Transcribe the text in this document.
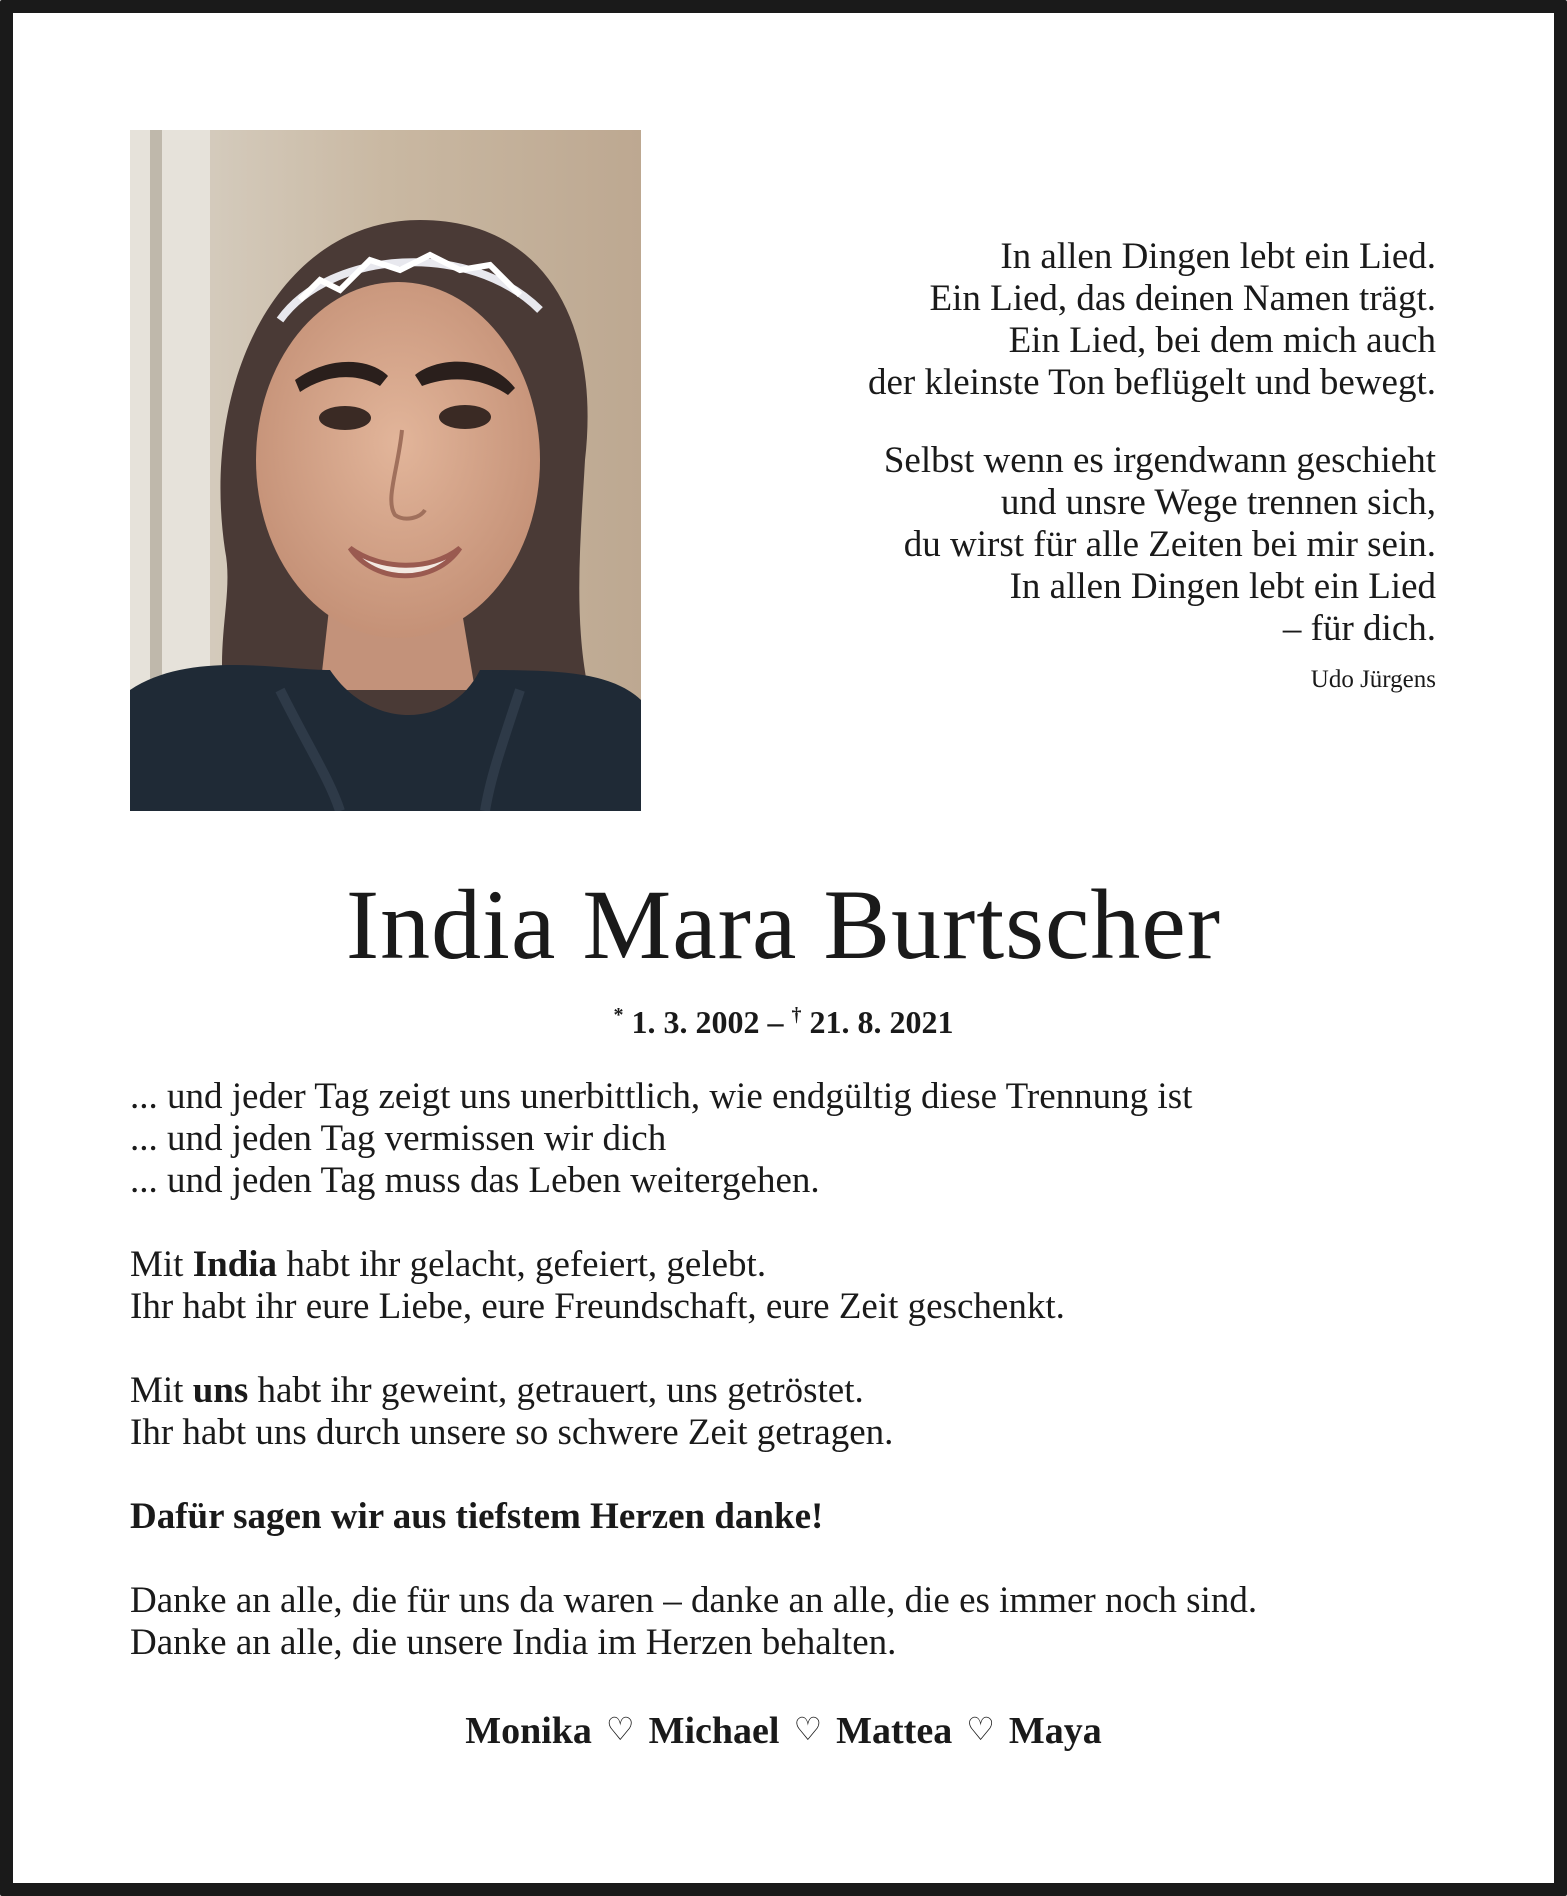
In allen Dingen lebt ein Lied.

Ein Lied, das deinen Namen trägt.

Ein Lied, bei dem mich auch

der kleinste Ton beflügelt und bewegt.

Selbst wenn es irgendwann geschieht

und unsre Wege trennen sich,

du wirst für alle Zeiten bei mir sein.

In allen Dingen lebt ein Lied

– für dich.

Udo Jürgens

India Mara Burtscher
* 1. 3. 2002 – † 21. 8. 2021

... und jeder Tag zeigt uns unerbittlich, wie endgültig diese Trennung ist

... und jeden Tag vermissen wir dich

... und jeden Tag muss das Leben weitergehen.

Mit India habt ihr gelacht, gefeiert, gelebt.

Ihr habt ihr eure Liebe, eure Freundschaft, eure Zeit geschenkt.

Mit uns habt ihr geweint, getrauert, uns getröstet.

Ihr habt uns durch unsere so schwere Zeit getragen.

Dafür sagen wir aus tiefstem Herzen danke!

Danke an alle, die für uns da waren – danke an alle, die es immer noch sind.

Danke an alle, die unsere India im Herzen behalten.

Monika ♡ Michael ♡ Mattea ♡ Maya
